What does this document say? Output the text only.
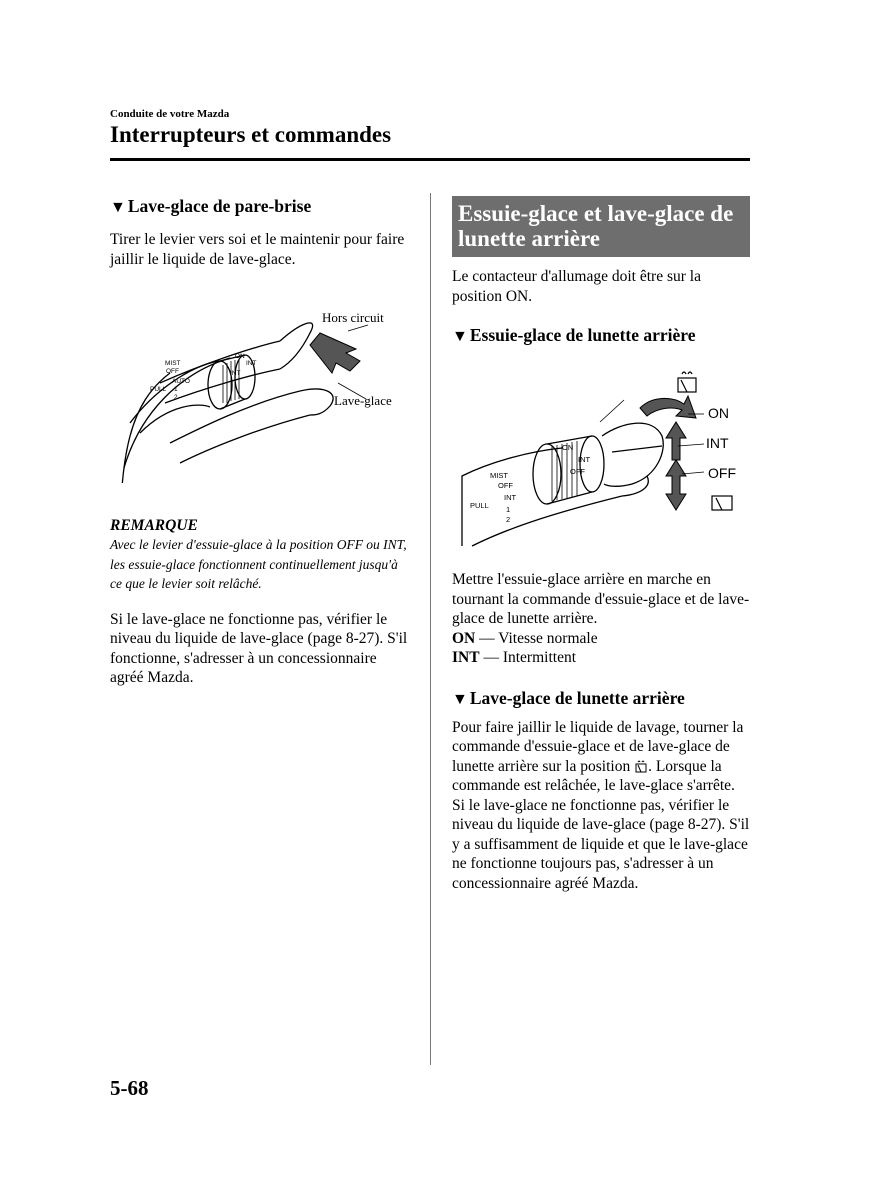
Conduite de votre Mazda
Interrupteurs et commandes
▼ Lave-glace de pare-brise

Tirer le levier vers soi et le maintenir pour faire jaillir le liquide de lave-glace.

Hors circuit
Lave-glace
MIST
OFF
AUTO
1
2
INT
ON
INT
PULL
REMARQUE
Avec le levier d'essuie-glace à la position OFF ou INT, les essuie-glace fonctionnent continuellement jusqu'à ce que le levier soit relâché.

Si le lave-glace ne fonctionne pas, vérifier le niveau du liquide de lave-glace (page 8-27). S'il fonctionne, s'adresser à un concessionnaire agréé Mazda.

Essuie-glace et lave-glace de lunette arrière

Le contacteur d'allumage doit être sur la position ON.

▼ Essuie-glace de lunette arrière
ON
INT
OFF
MIST
OFF
INT
1
2
PULL
INT
ON
OFF

Mettre l'essuie-glace arrière en marche en tournant la commande d'essuie-glace et de lave-glace de lunette arrière.

ON — Vitesse normale

INT — Intermittent

▼ Lave-glace de lunette arrière

Pour faire jaillir le liquide de lavage, tourner la commande d'essuie-glace et de lave-glace de lunette arrière sur la position . Lorsque la commande est relâchée, le lave-glace s'arrête.

Si le lave-glace ne fonctionne pas, vérifier le niveau du liquide de lave-glace (page 8-27). S'il y a suffisamment de liquide et que le lave-glace ne fonctionne toujours pas, s'adresser à un concessionnaire agréé Mazda.

5-68
